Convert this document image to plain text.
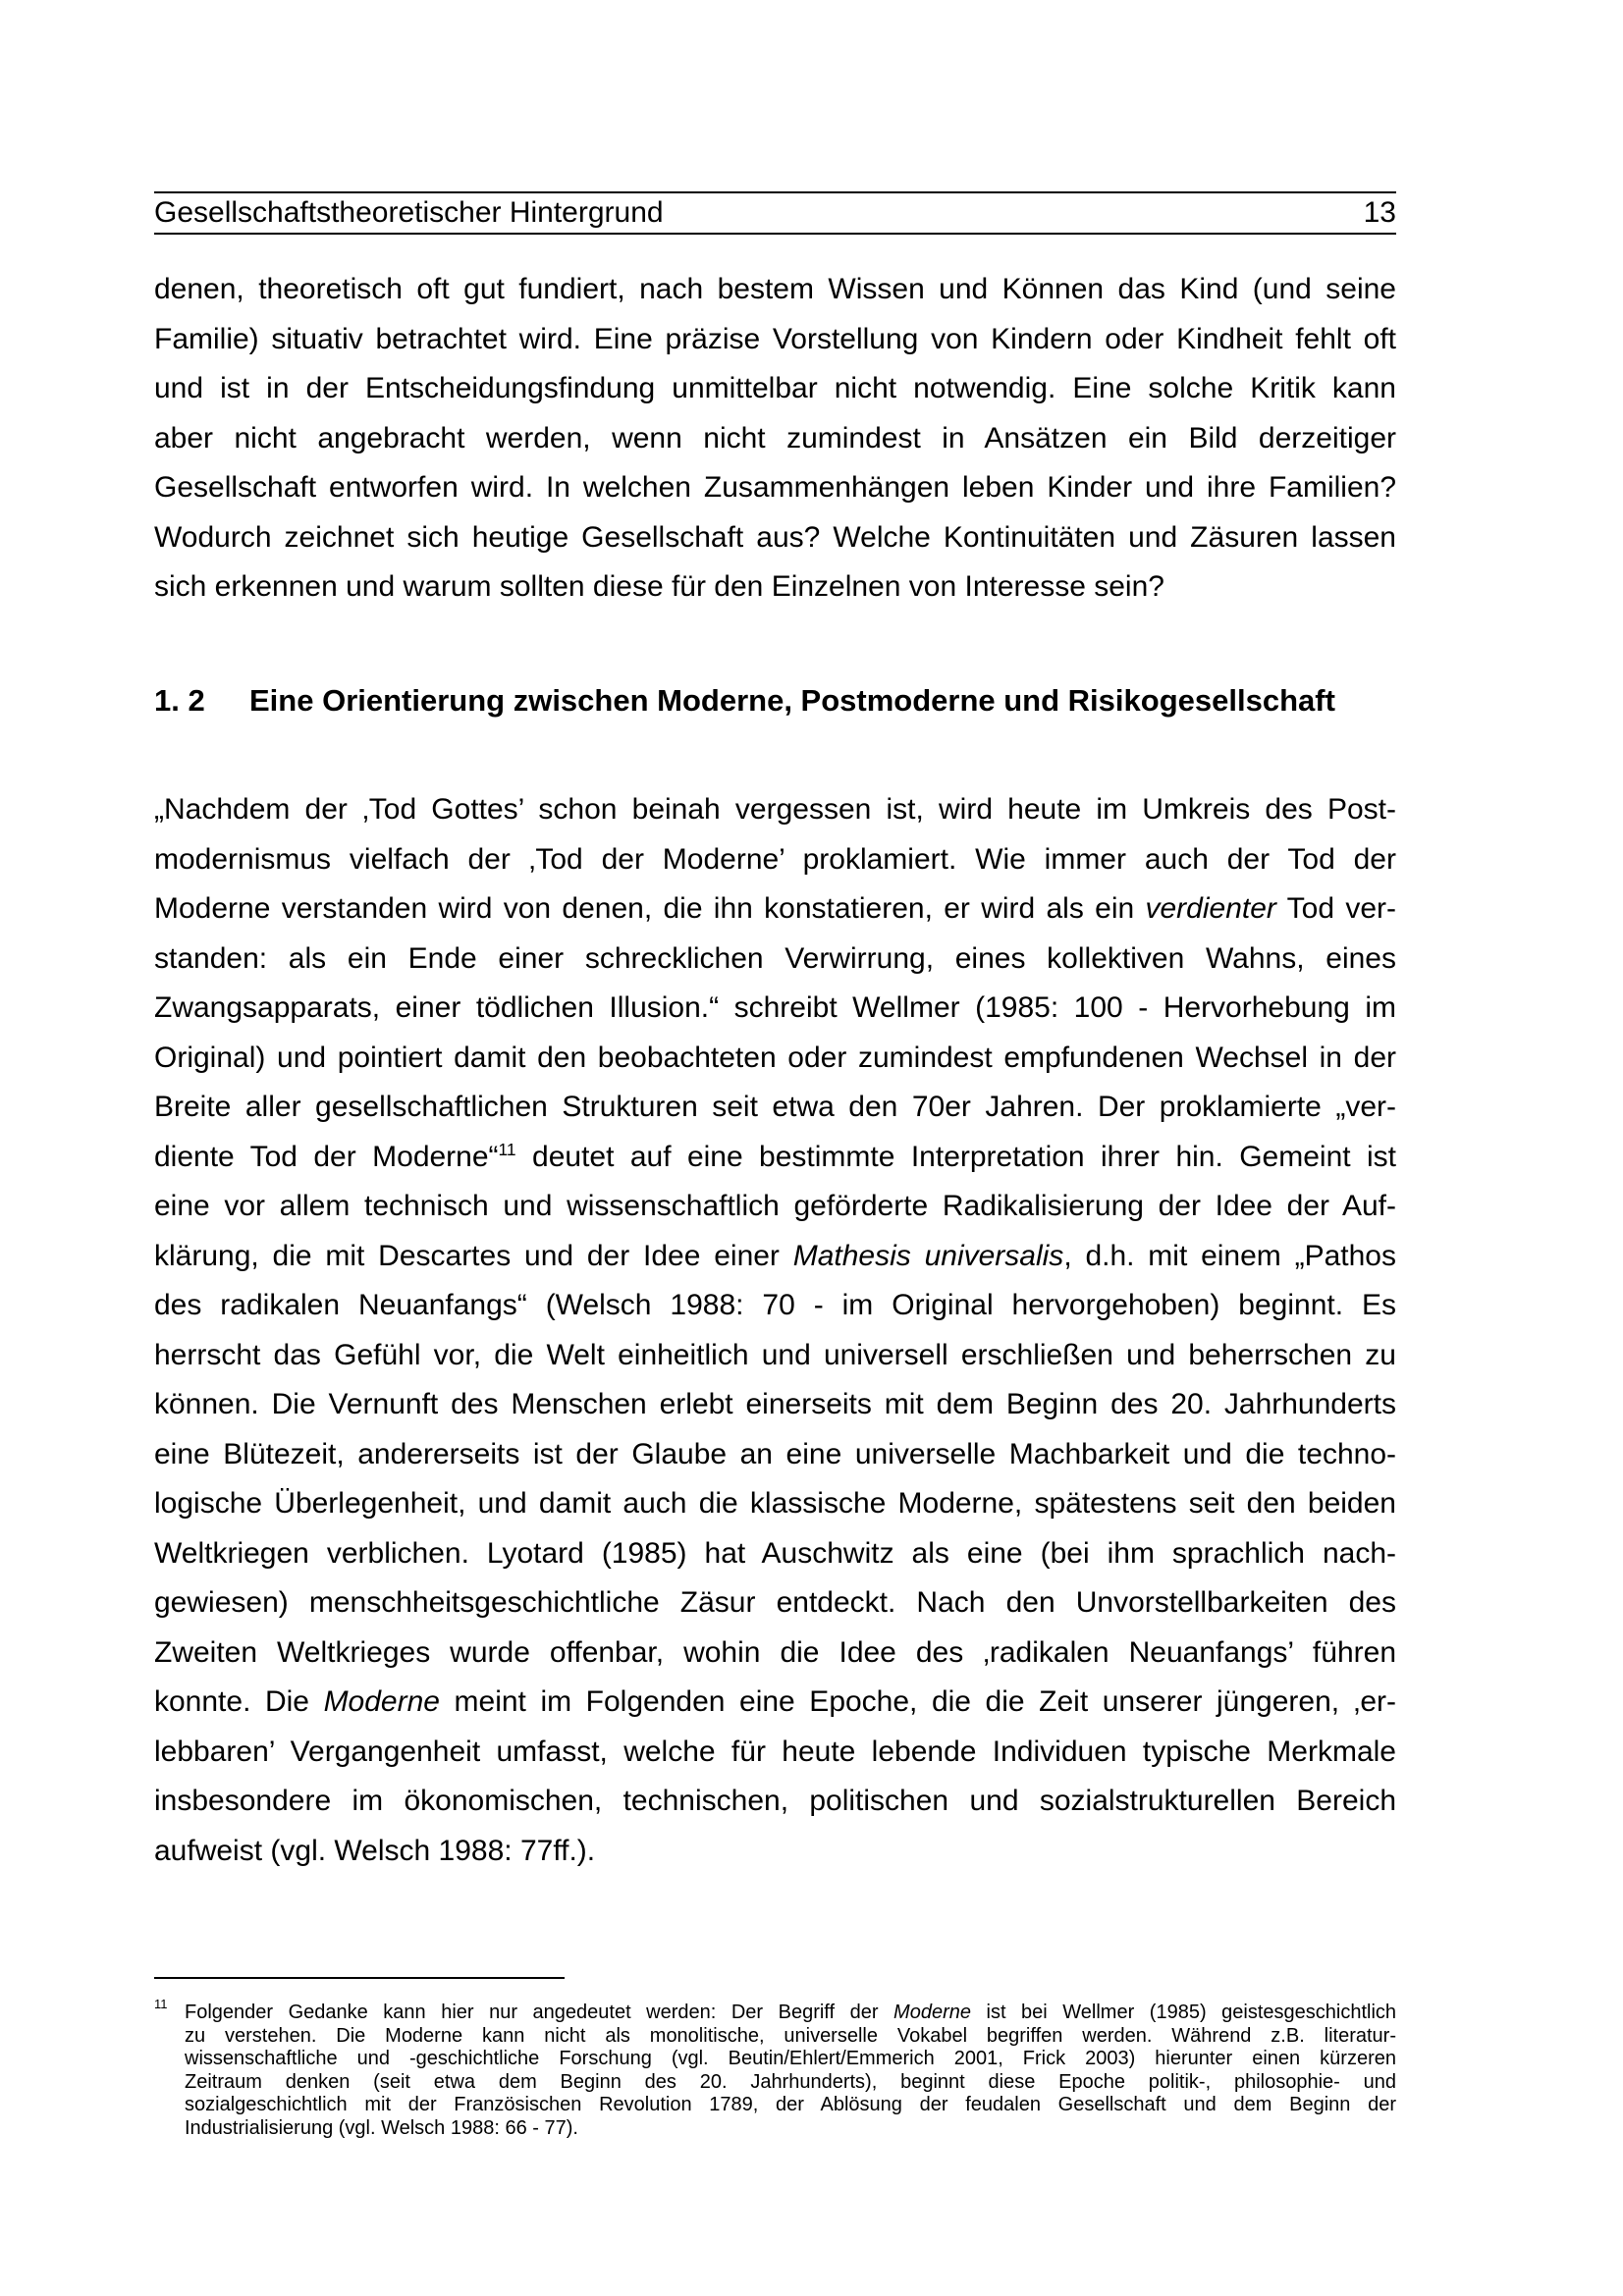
Gesellschaftstheoretischer Hintergrund	13
denen, theoretisch oft gut fundiert, nach bestem Wissen und Können das Kind (und seine
Familie) situativ betrachtet wird. Eine präzise Vorstellung von Kindern oder Kindheit fehlt oft
und ist in der Entscheidungsfindung unmittelbar nicht notwendig. Eine solche Kritik kann
aber nicht angebracht werden, wenn nicht zumindest in Ansätzen ein Bild derzeitiger
Gesellschaft entworfen wird. In welchen Zusammenhängen leben Kinder und ihre Familien?
Wodurch zeichnet sich heutige Gesellschaft aus? Welche Kontinuitäten und Zäsuren lassen
sich erkennen und warum sollten diese für den Einzelnen von Interesse sein?
1. 2	Eine Orientierung zwischen Moderne, Postmoderne und Risikogesellschaft
„Nachdem der ‚Tod Gottes’ schon beinah vergessen ist, wird heute im Umkreis des Post-
modernismus vielfach der ‚Tod der Moderne’ proklamiert. Wie immer auch der Tod der
Moderne verstanden wird von denen, die ihn konstatieren, er wird als ein verdienter Tod ver-
standen: als ein Ende einer schrecklichen Verwirrung, eines kollektiven Wahns, eines
Zwangsapparats, einer tödlichen Illusion.“ schreibt Wellmer (1985: 100 - Hervorhebung im
Original) und pointiert damit den beobachteten oder zumindest empfundenen Wechsel in der
Breite aller gesellschaftlichen Strukturen seit etwa den 70er Jahren. Der proklamierte „ver-
diente Tod der Moderne“$^{11}$ deutet auf eine bestimmte Interpretation ihrer hin. Gemeint ist
eine vor allem technisch und wissenschaftlich geförderte Radikalisierung der Idee der Auf-
klärung, die mit Descartes und der Idee einer Mathesis universalis, d.h. mit einem „Pathos
des radikalen Neuanfangs“ (Welsch 1988: 70 - im Original hervorgehoben) beginnt. Es
herrscht das Gefühl vor, die Welt einheitlich und universell erschließen und beherrschen zu
können. Die Vernunft des Menschen erlebt einerseits mit dem Beginn des 20. Jahrhunderts
eine Blütezeit, andererseits ist der Glaube an eine universelle Machbarkeit und die techno-
logische Überlegenheit, und damit auch die klassische Moderne, spätestens seit den beiden
Weltkriegen verblichen. Lyotard (1985) hat Auschwitz als eine (bei ihm sprachlich nach-
gewiesen) menschheitsgeschichtliche Zäsur entdeckt. Nach den Unvorstellbarkeiten des
Zweiten Weltkrieges wurde offenbar, wohin die Idee des ‚radikalen Neuanfangs’ führen
konnte. Die Moderne meint im Folgenden eine Epoche, die die Zeit unserer jüngeren, ‚er-
lebbaren’ Vergangenheit umfasst, welche für heute lebende Individuen typische Merkmale
insbesondere im ökonomischen, technischen, politischen und sozialstrukturellen Bereich
aufweist (vgl. Welsch 1988: 77ff.).
11 Folgender Gedanke kann hier nur angedeutet werden: Der Begriff der Moderne ist bei Wellmer (1985) geistesgeschichtlich
zu verstehen. Die Moderne kann nicht als monolitische, universelle Vokabel begriffen werden. Während z.B. literatur-
wissenschaftliche und -geschichtliche Forschung (vgl. Beutin/Ehlert/Emmerich 2001, Frick 2003) hierunter einen kürzeren
Zeitraum denken (seit etwa dem Beginn des 20. Jahrhunderts), beginnt diese Epoche politik-, philosophie- und
sozialgeschichtlich mit der Französischen Revolution 1789, der Ablösung der feudalen Gesellschaft und dem Beginn der
Industrialisierung (vgl. Welsch 1988: 66 - 77).
